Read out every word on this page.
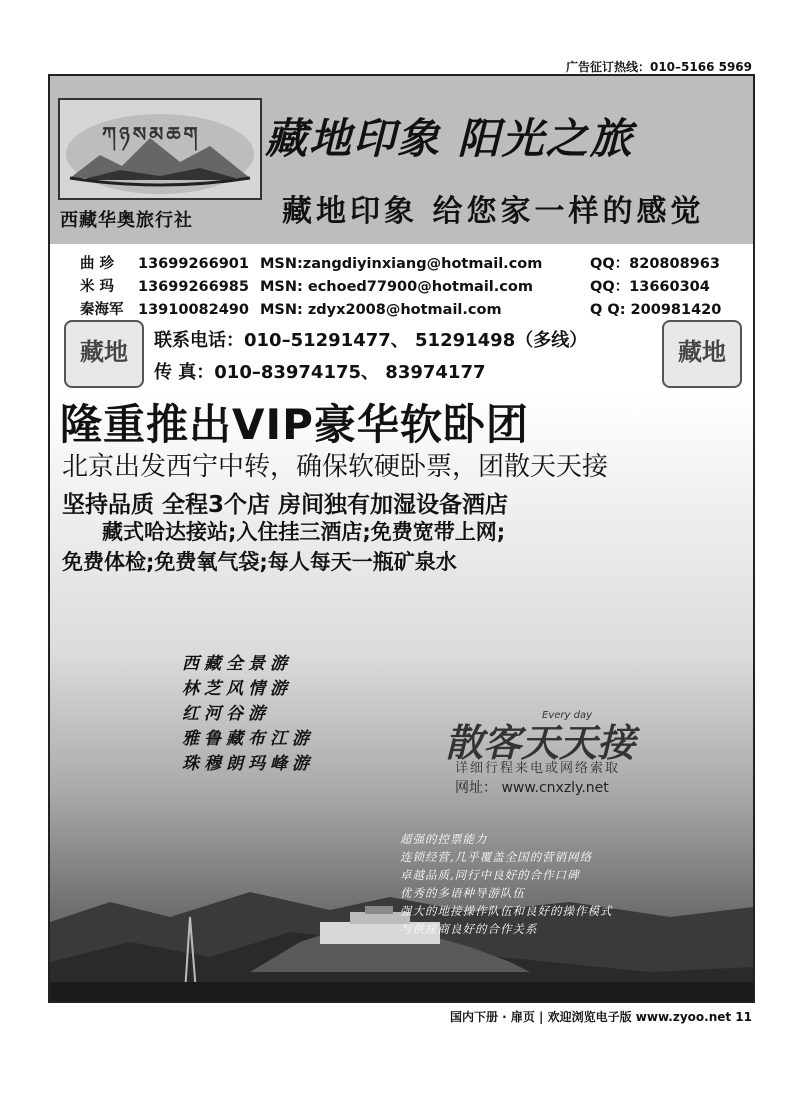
广告征订热线：010–5166 5969
ཀཉསམཆག
西藏华奥旅行社
藏地印象 阳光之旅
藏地印象 给您家一样的感觉
曲 珍 13699266901 MSN:zangdiyinxiang@hotmail.com	QQ：820808963
米 玛 13699266985 MSN: echoed77900@hotmail.com	QQ：13660304
秦海军 13910082490 MSN: zdyx2008@hotmail.com	Q Q: 200981420
藏地	藏地
联系电话：010–51291477、 51291498（多线）
传 真：010–83974175、 83974177
隆重推出VIP豪华软卧团
北京出发西宁中转，确保软硬卧票，团散天天接
坚持品质 全程3个店 房间独有加湿设备酒店
藏式哈达接站;入住挂三酒店;免费宽带上网;
免费体检;免费氧气袋;每人每天一瓶矿泉水
西藏全景游
林芝风情游
红河谷游
雅鲁藏布江游
珠穆朗玛峰游	散客天天接
Every day
详细行程来电或网络索取
网址： www.cnxzly.net
超强的控票能力
连锁经营,几乎覆盖全国的营销网络
卓越品质,同行中良好的合作口碑
优秀的多语种导游队伍
强大的地接操作队伍和良好的操作模式
与供应商良好的合作关系
国内下册 · 扉页 | 欢迎浏览电子版 www.zyoo.net 11
